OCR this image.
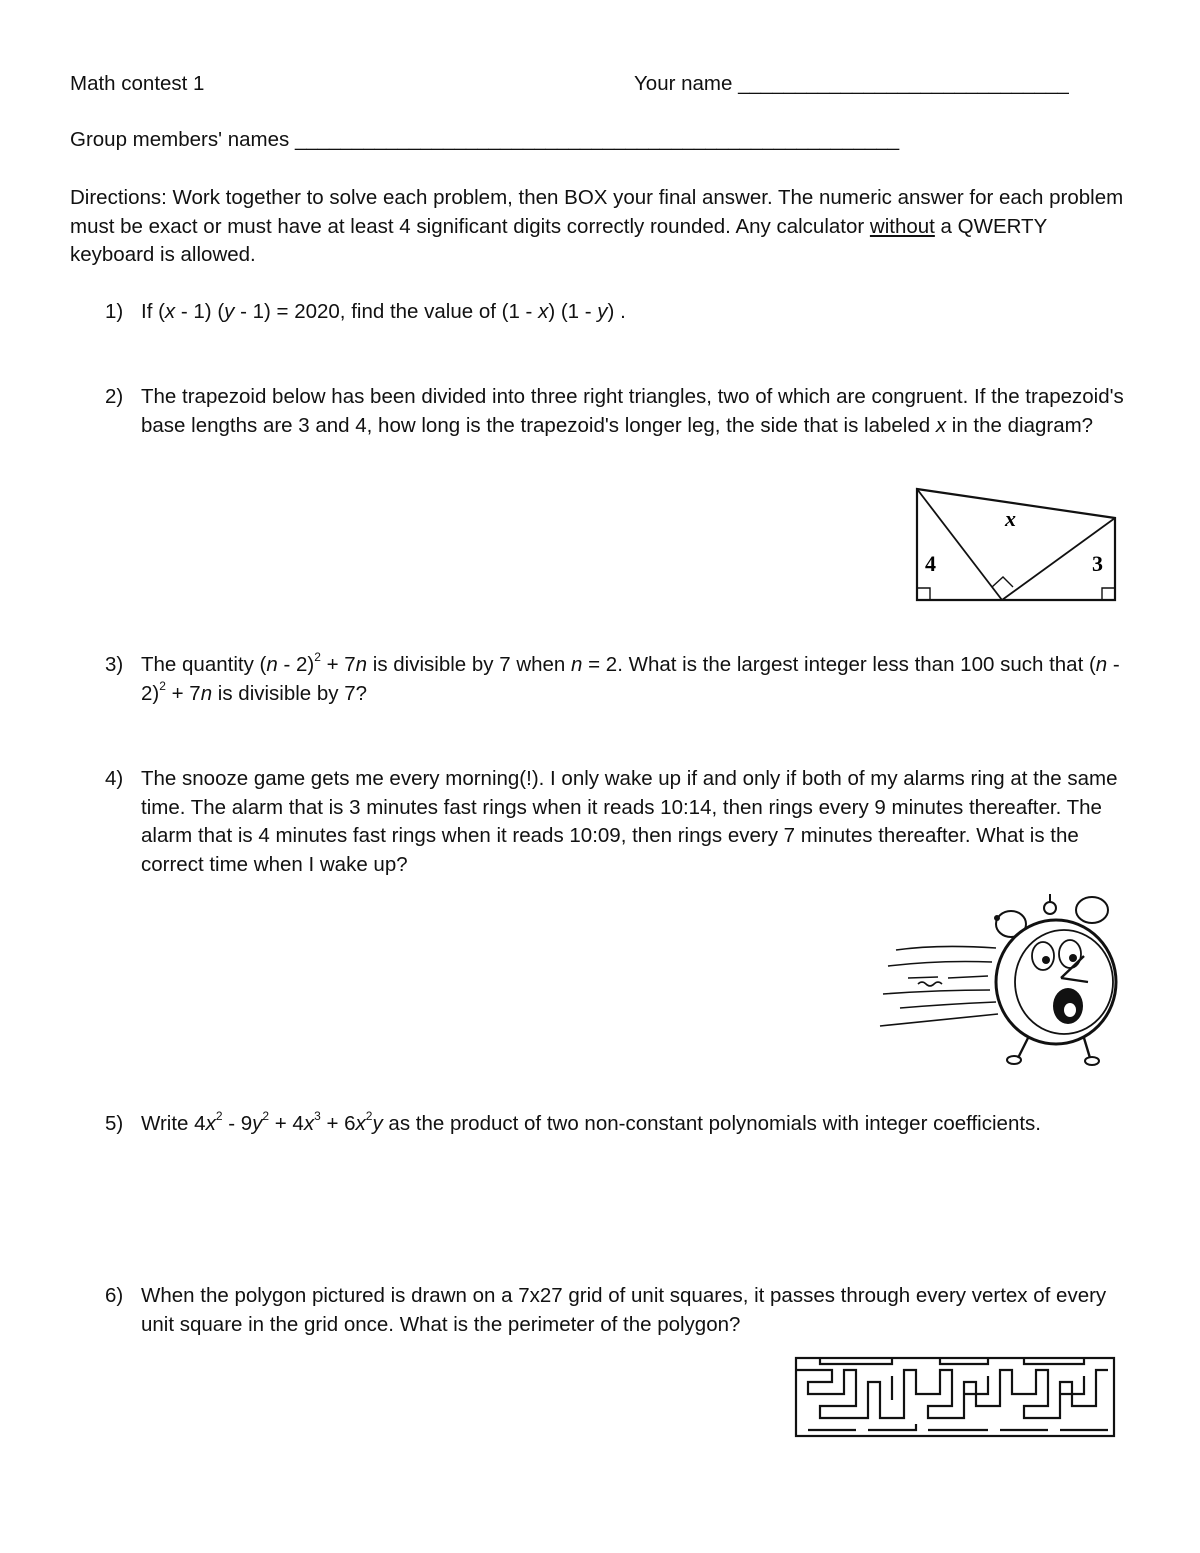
Math contest 1	Your name _____________________________
Group members' names _____________________________________________________
Directions: Work together to solve each problem, then BOX your final answer. The numeric answer for each problem must be exact or must have at least 4 significant digits correctly rounded. Any calculator without a QWERTY keyboard is allowed.
1) If (x - 1) (y - 1) = 2020, find the value of (1 - x) (1 - y) .
2) The trapezoid below has been divided into three right triangles, two of which are congruent. If the trapezoid's base lengths are 3 and 4, how long is the trapezoid's longer leg, the side that is labeled x in the diagram?
x
4	3
3) The quantity (n - 2)$^2$ + 7n is divisible by 7 when n = 2. What is the largest integer less than 100 such that (n - 2)$^2$ + 7n is divisible by 7?
4) The snooze game gets me every morning(!). I only wake up if and only if both of my alarms ring at the same time. The alarm that is 3 minutes fast rings when it reads 10:14, then rings every 9 minutes thereafter. The alarm that is 4 minutes fast rings when it reads 10:09, then rings every 7 minutes thereafter. What is the correct time when I wake up?
5) Write $4x^2 - 9y^2 + 4x^3 + 6x^2y$ as the product of two non-constant polynomials with integer coefficients.
6) When the polygon pictured is drawn on a 7x27 grid of unit squares, it passes through every vertex of every unit square in the grid once. What is the perimeter of the polygon?
